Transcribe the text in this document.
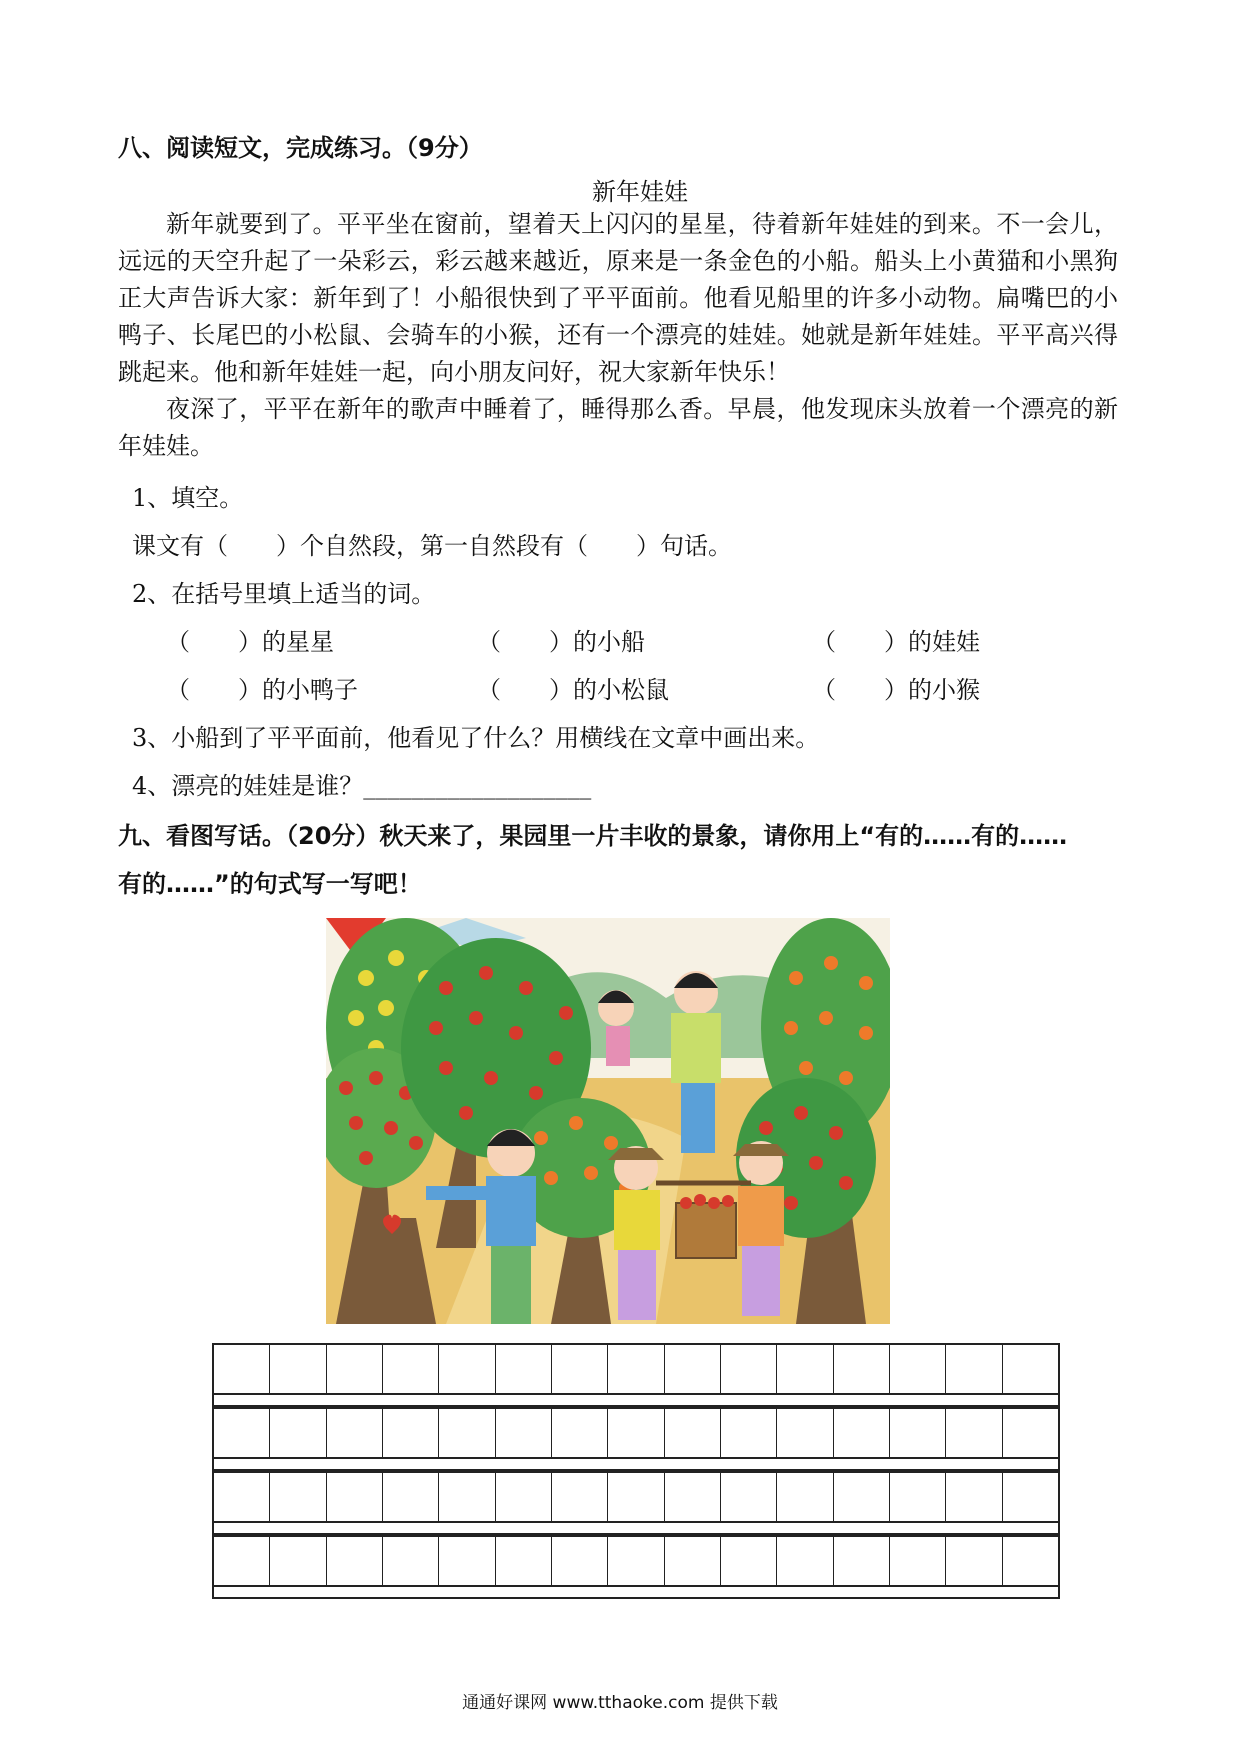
八、阅读短文，完成练习。（9分）
新年娃娃

新年就要到了。平平坐在窗前，望着天上闪闪的星星，待着新年娃娃的到来。不一会儿，远远的天空升起了一朵彩云，彩云越来越近，原来是一条金色的小船。船头上小黄猫和小黑狗正大声告诉大家：新年到了！小船很快到了平平面前。他看见船里的许多小动物。扁嘴巴的小鸭子、长尾巴的小松鼠、会骑车的小猴，还有一个漂亮的娃娃。她就是新年娃娃。平平高兴得跳起来。他和新年娃娃一起，向小朋友问好，祝大家新年快乐！

夜深了，平平在新年的歌声中睡着了，睡得那么香。早晨，他发现床头放着一个漂亮的新年娃娃。

1、填空。
课文有（　　）个自然段，第一自然段有（　　）句话。
2、在括号里填上适当的词。
（　　）的星星	（　　）的小船	（　　）的娃娃
（　　）的小鸭子	（　　）的小松鼠	（　　）的小猴
3、小船到了平平面前，他看见了什么？用横线在文章中画出来。
4、漂亮的娃娃是谁？___________________
九、看图写话。（20分）秋天来了，果园里一片丰收的景象，请你用上“有的……有的……
有的……”的句式写一写吧！
通通好课网 www.tthaoke.com 提供下载
